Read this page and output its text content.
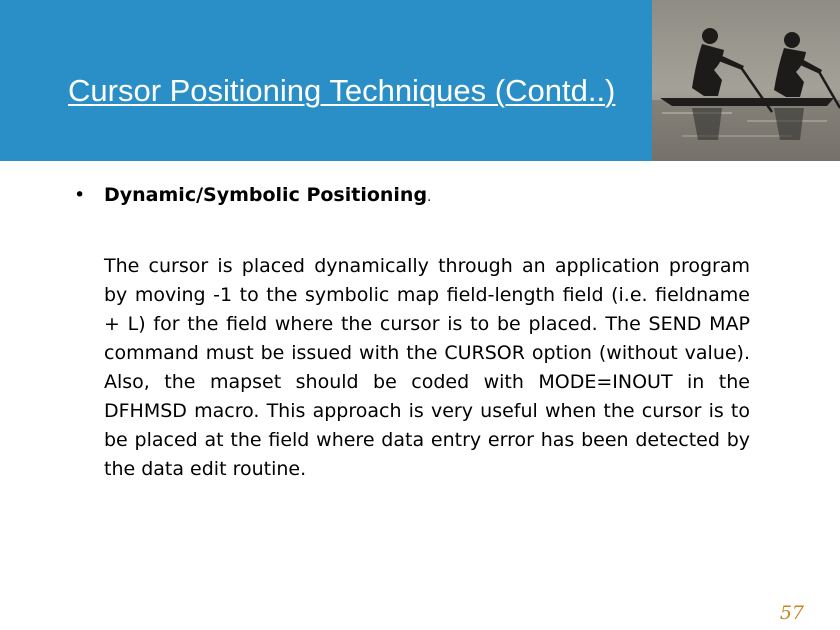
Cursor Positioning Techniques (Contd..)
• Dynamic/Symbolic Positioning.

The cursor is placed dynamically through an application program by moving -1 to the symbolic map field-length field (i.e. fieldname + L) for the field where the cursor is to be placed. The SEND MAP command must be issued with the CURSOR option (without value). Also, the mapset should be coded with MODE=INOUT in the DFHMSD macro. This approach is very useful when the cursor is to be placed at the field where data entry error has been detected by the data edit routine.

57
